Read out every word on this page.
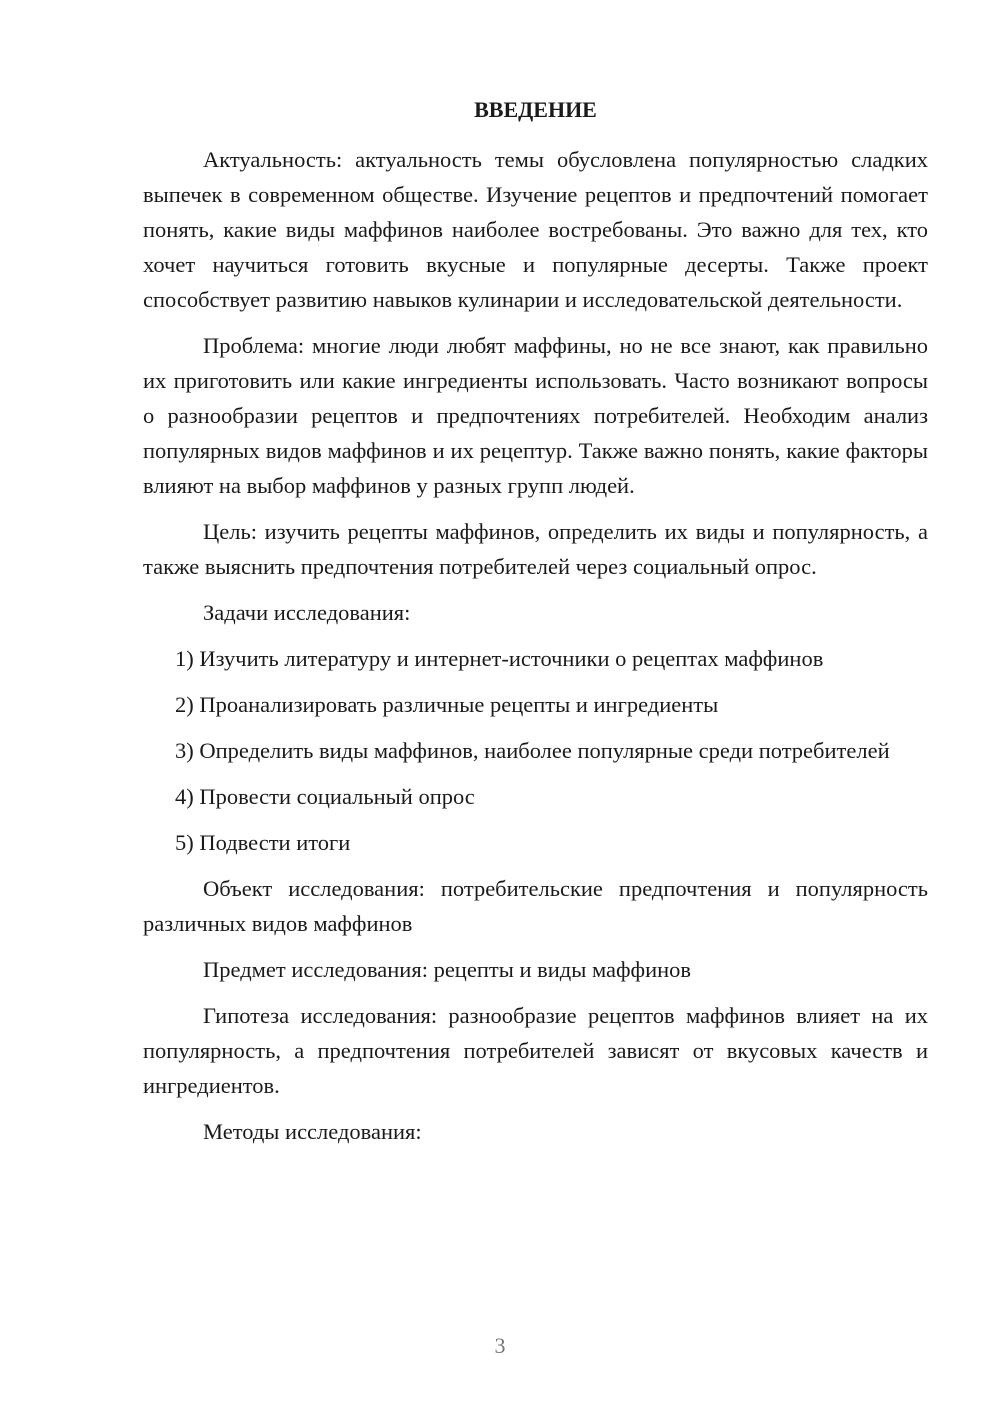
ВВЕДЕНИЕ

Актуальность: актуальность темы обусловлена популярностью сладких выпечек в современном обществе. Изучение рецептов и предпочтений помогает понять, какие виды маффинов наиболее востребованы. Это важно для тех, кто хочет научиться готовить вкусные и популярные десерты. Также проект способствует развитию навыков кулинарии и исследовательской деятельности.

Проблема: многие люди любят маффины, но не все знают, как правильно их приготовить или какие ингредиенты использовать. Часто возникают вопросы о разнообразии рецептов и предпочтениях потребителей. Необходим анализ популярных видов маффинов и их рецептур. Также важно понять, какие факторы влияют на выбор маффинов у разных групп людей.

Цель: изучить рецепты маффинов, определить их виды и популярность, а также выяснить предпочтения потребителей через социальный опрос.

Задачи исследования:

1) Изучить литературу и интернет-источники о рецептах маффинов

2) Проанализировать различные рецепты и ингредиенты

3) Определить виды маффинов, наиболее популярные среди потребителей

4) Провести социальный опрос

5) Подвести итоги

Объект исследования: потребительские предпочтения и популярность различных видов маффинов

Предмет исследования: рецепты и виды маффинов

Гипотеза исследования: разнообразие рецептов маффинов влияет на их популярность, а предпочтения потребителей зависят от вкусовых качеств и ингредиентов.

Методы исследования:

3
